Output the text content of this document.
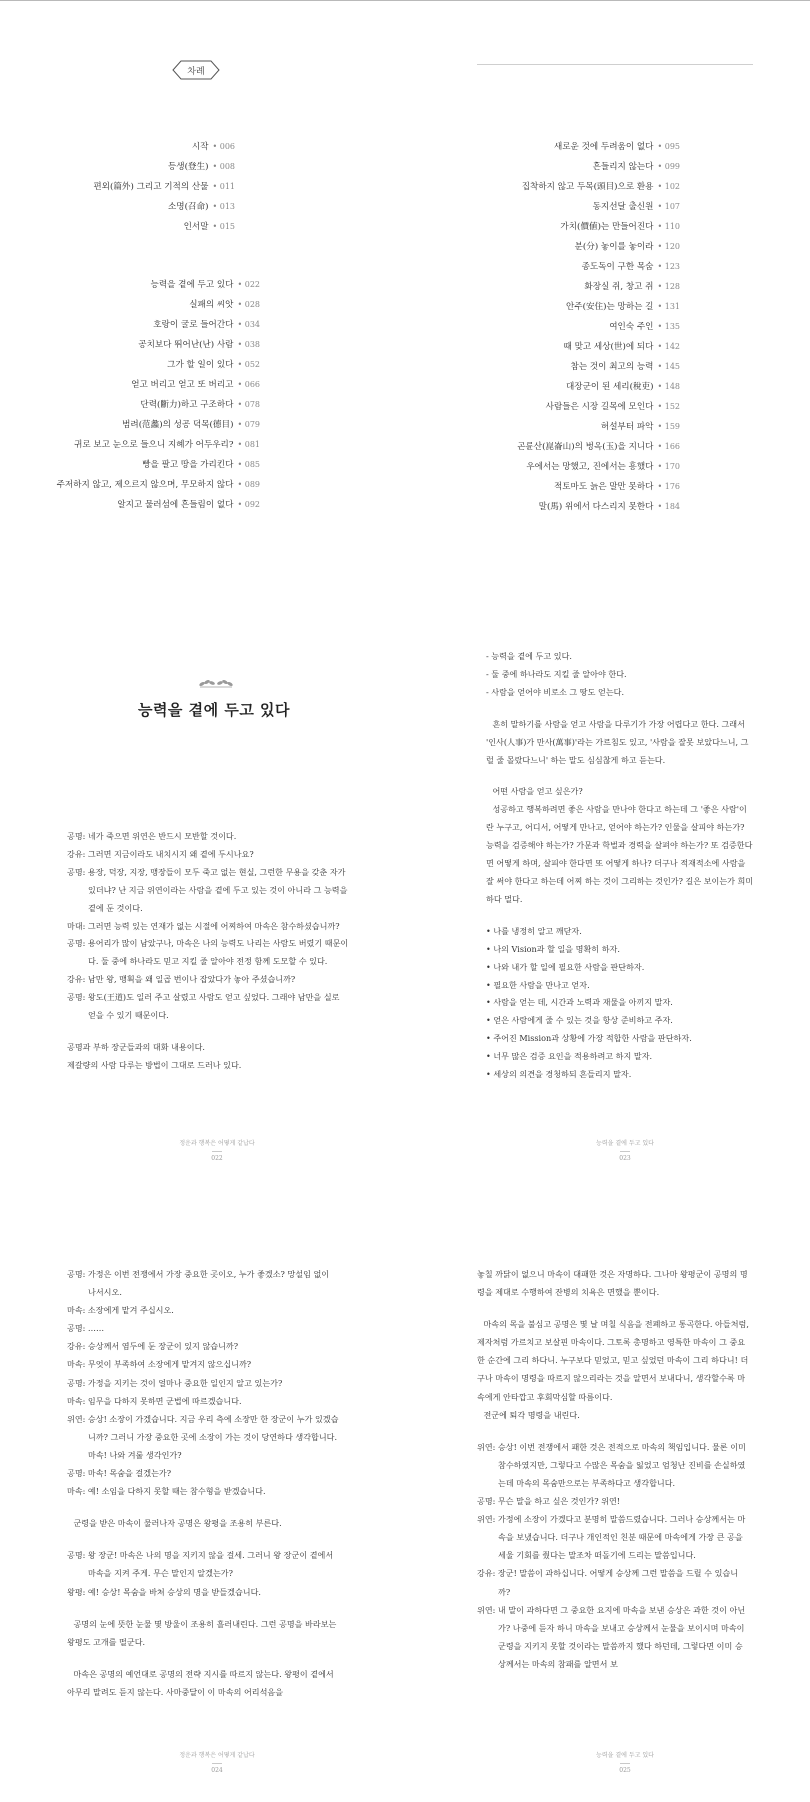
차례
시작 • 006
등생(登生) • 008
편외(篇外) 그리고 기적의 산물 • 011
소명(召命) • 013
인서말 • 015
능력을 곁에 두고 있다 • 022
실패의 씨앗 • 028
호랑이 굴로 들어간다 • 034
공치보다 뛰어난(난) 사람 • 038
그가 할 일이 있다 • 052
얻고 버리고 얻고 또 버리고 • 066
단력(斷力)하고 구조하다 • 078
범려(范蠡)의 성공 덕목(德目) • 079
귀로 보고 눈으로 들으니 지혜가 어두우리? • 081
빵을 팔고 땅을 가리킨다 • 085
주저하지 않고, 제으르지 않으며, 무모하지 않다 • 089
알지고 물러섬에 흔들림이 없다 • 092
새로운 것에 두려움이 없다 • 095
흔들리지 않는다 • 099
집착하지 않고 두목(頭目)으로 환용 • 102
동지선달 출신원 • 107
가치(價値)는 만들어진다 • 110
분(分) 놓이를 놓이라 • 120
종도독이 구한 목숨 • 123
화장실 쥐, 창고 쥐 • 128
안주(安住)는 망하는 길 • 131
여인숙 주인 • 135
때 맞고 세상(世)에 되다 • 142
참는 것이 최고의 능력 • 145
대장군이 된 세리(稅吏) • 148
사람들은 시장 길목에 모인다 • 152
허설부터 파악 • 159
곤륜산(崑崙山)의 벙옥(玉)을 지니다 • 166
우에서는 망했고, 진에서는 흥했다 • 170
적토마도 늙은 말만 못하다 • 176
말(馬) 위에서 다스리지 못한다 • 184
능력을 곁에 두고 있다

공명: 네가 죽으면 위연은 반드시 모반할 것이다.

강유: 그러면 지금이라도 내치시지 왜 곁에 두시나요?

공명: 용장, 덕장, 지장, 맹장들이 모두 죽고 없는 현실, 그런한 무용을 갖춘 자가 있더냐? 난 지금 위연이라는 사람을 곁에 두고 있는 것이 아니라 그 능력을 곁에 둔 것이다.

마대: 그러면 능력 있는 연재가 없는 시절에 어찌하여 마속은 참수하셨습니까?

공명: 용어리가 많이 남았구나, 마속은 나의 능력도 나리는 사람도 버렸기 때문이다. 둘 중에 하나라도 믿고 지킬 줄 알아야 전정 함께 도모할 수 있다.

강유: 남만 왕, 맹획을 왜 일곱 번이나 잡았다가 놓아 주셨습니까?

공명: 왕도(王道)도 일러 주고 살렸고 사람도 얻고 싶었다. 그래야 남만을 실로 얻을 수 있기 때문이다.

공명과 부하 장군들과의 대화 내용이다.

제갈량의 사람 다루는 방법이 그대로 드러나 있다.

정운과 행복은 어떻게 같납다
022

- 능력을 곁에 두고 있다.

- 둘 중에 하나라도 지킬 줄 알아야 한다.

- 사람을 얻어야 비로소 그 땅도 얻는다.

흔히 말하기를 사람을 얻고 사람을 다루기가 가장 어렵다고 한다. 그래서 '인사(人事)가 만사(萬事)'라는 가르침도 있고, '사람을 잘못 보았다느니, 그럴 줄 몰랐다느니' 하는 말도 심심찮게 하고 듣는다.

어떤 사람을 얻고 싶은가?

성공하고 행복하려면 좋은 사람을 만나야 한다고 하는데 그 '좋은 사람'이란 누구고, 어디서, 어떻게 만나고, 얻어야 하는가? 인물을 살피야 하는가? 능력을 검증해야 하는가? 가문과 학벌과 경력을 살펴야 하는가? 또 검증한다면 어떻게 하며, 살피야 한다면 또 어떻게 하나? 더구나 적재적소에 사람을 잘 써야 한다고 하는데 어찌 하는 것이 그리하는 것인가? 길은 보이는가 희미하다 멀다.

• 나를 냉정히 알고 깨닫자.
• 나의 Vision과 할 일을 명확히 하자.
• 나와 내가 할 일에 필요한 사람을 판단하자.
• 필요한 사람을 만나고 얻자.
• 사람을 얻는 데, 시간과 노력과 재물을 아끼지 말자.
• 얻은 사람에게 줄 수 있는 것을 항상 준비하고 주자.
• 주어진 Mission과 상황에 가장 적합한 사람을 판단하자.
• 너무 많은 검증 요인을 적용하려고 하지 말자.
• 세상의 의견을 경청하되 흔들리지 말자.
능력을 곁에 두고 있다
023

공명: 가정은 이번 전쟁에서 가장 중요한 곳이오, 누가 좋겠소? 망설임 없이 나서시오.

마속: 소장에게 맡겨 주십시오.

공명: ……

강유: 승상께서 염두에 둔 장군이 있지 않습니까?

마속: 무엇이 부족하여 소장에게 맡겨지 않으십니까?

공명: 가정을 지키는 것이 얼마나 중요한 일인지 알고 있는가?

마속: 임무을 다하지 못하면 군법에 따르겠습니다.

위연: 승상! 소장이 가겠습니다. 지금 우리 측에 소장만 한 장군이 누가 있겠습니까? 그러니 가장 중요한 곳에 소장이 가는 것이 당연하다 생각합니다. 마속! 나와 겨룰 생각인가?

공명: 마속! 목숨을 걸겠는가?

마속: 예! 소임을 다하지 못할 때는 참수형을 받겠습니다.

군령을 받은 마속이 물러나자 공명은 왕평을 조용히 부른다.

공명: 왕 장군! 마속은 나의 명을 지키지 않을 걸세. 그러니 왕 장군이 곁에서 마속을 지켜 주게. 무슨 말인지 알겠는가?

왕평: 예! 승상! 목숨을 바쳐 승상의 명을 받들겠습니다.

공명의 눈에 뜻한 눈물 몇 방울이 조용히 흘러내린다. 그런 공명을 바라보는 왕평도 고개를 떨군다.

마속은 공명의 예언대로 공명의 전략 지시를 따르지 않는다. 왕평이 곁에서 아무리 말려도 듣지 않는다. 사마중달이 이 마속의 어리석음을

정운과 행복은 어떻게 같납다
024

놓칠 까닭이 없으니 마속이 대패한 것은 자명하다. 그나마 왕평군이 공명의 명령을 제대로 수행하여 잔병의 치욕은 면했을 뿐이다.

마속의 목을 불심고 공명은 몇 날 며칠 식음을 전폐하고 통곡한다. 아들처럼, 제자처럼 가르치고 보살핀 마속이다. 그토록 총명하고 영특한 마속이 그 중요한 순간에 그리 하다니. 누구보다 믿었고, 믿고 싶었던 마속이 그리 하다니! 더구나 마속이 명령을 따르지 않으리라는 것을 알면서 보내다니, 생각할수록 마속에게 안타깝고 후회막심할 따름이다.

전군에 퇴각 명령을 내린다.

위연: 승상! 이번 전쟁에서 패한 것은 전적으로 마속의 책임입니다. 물론 이미 참수하였지만, 그렇다고 수많은 목숨을 잃었고 엄청난 진비를 손실하였는데 마속의 목숨만으로는 부족하다고 생각합니다.

공명: 무슨 말을 하고 싶은 것인가? 위연!

위연: 가정에 소장이 가겠다고 분명히 말씀드렸습니다. 그러나 승상께서는 마속을 보냈습니다. 더구나 개인적인 친분 때문에 마속에게 가장 큰 공을 세울 기회를 줬다는 말조차 떠돌기에 드리는 말씀입니다.

강유: 장군! 말씀이 과하십니다. 어떻게 승상께 그런 말씀을 드릴 수 있습니까?

위연: 내 말이 과하다면 그 중요한 요지에 마속을 보낸 승상은 과한 것이 아닌가? 나중에 듣자 하니 마속을 보내고 승상께서 눈물을 보이시며 마속이 군령을 지키지 못할 것이라는 말씀까지 했다 하던데, 그렇다면 이미 승상께서는 마속의 참패를 알면서 보

능력을 곁에 두고 있다
025
